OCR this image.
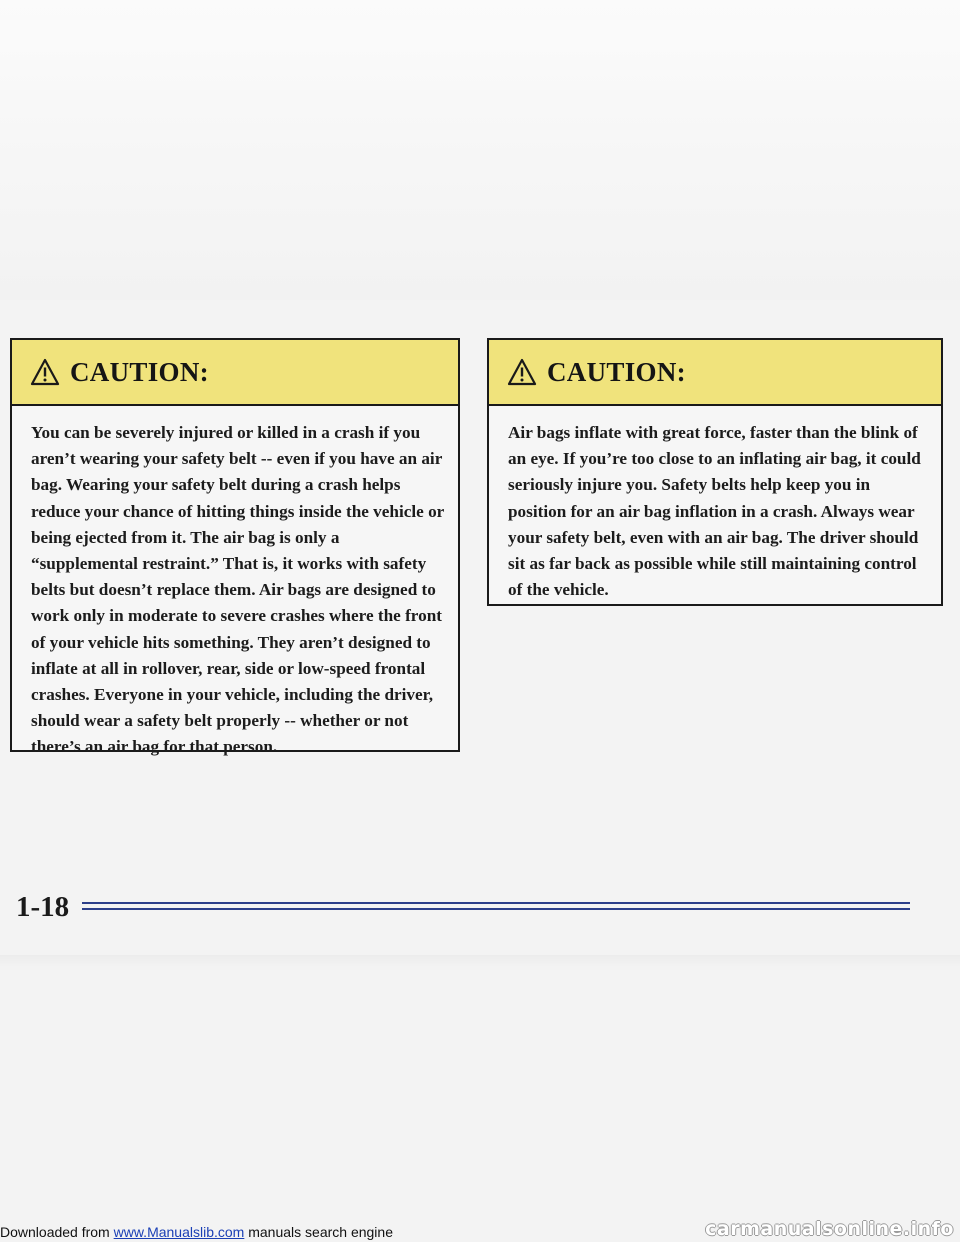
CAUTION:
You can be severely injured or killed in a crash if you aren’t wearing your safety belt -- even if you have an air bag. Wearing your safety belt during a crash helps reduce your chance of hitting things inside the vehicle or being ejected from it. The air bag is only a “supplemental restraint.” That is, it works with safety belts but doesn’t replace them. Air bags are designed to work only in moderate to severe crashes where the front of your vehicle hits something. They aren’t designed to inflate at all in rollover, rear, side or low-speed frontal crashes. Everyone in your vehicle, including the driver, should wear a safety belt properly -- whether or not there’s an air bag for that person.
CAUTION:
Air bags inflate with great force, faster than the blink of an eye. If you’re too close to an inflating air bag, it could seriously injure you. Safety belts help keep you in position for an air bag inflation in a crash. Always wear your safety belt, even with an air bag. The driver should sit as far back as possible while still maintaining control of the vehicle.
1-18
Downloaded from www.Manualslib.com manuals search engine	carmanualsonline.info
